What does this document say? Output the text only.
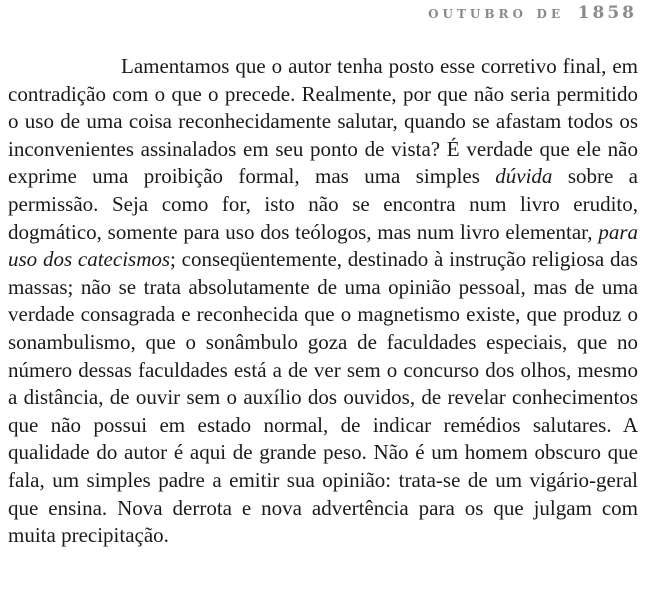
OUTUBRO DE 1858

Lamentamos que o autor tenha posto esse corretivo final, em contradição com o que o precede. Realmente, por que não seria permitido o uso de uma coisa reconhecidamente salutar, quando se afastam todos os inconvenientes assinalados em seu ponto de vista? É verdade que ele não exprime uma proibição formal, mas uma simples dúvida sobre a permissão. Seja como for, isto não se encontra num livro erudito, dogmático, somente para uso dos teólogos, mas num livro elementar, para uso dos catecismos; conseqüentemente, destinado à instrução religiosa das massas; não se trata absolutamente de uma opinião pessoal, mas de uma verdade consagrada e reconhecida que o magnetismo existe, que produz o sonambulismo, que o sonâmbulo goza de faculdades especiais, que no número dessas faculdades está a de ver sem o concurso dos olhos, mesmo a distância, de ouvir sem o auxílio dos ouvidos, de revelar conhecimentos que não possui em estado normal, de indicar remédios salutares. A qualidade do autor é aqui de grande peso. Não é um homem obscuro que fala, um simples padre a emitir sua opinião: trata-se de um vigário-geral que ensina. Nova derrota e nova advertência para os que julgam com muita precipitação.
